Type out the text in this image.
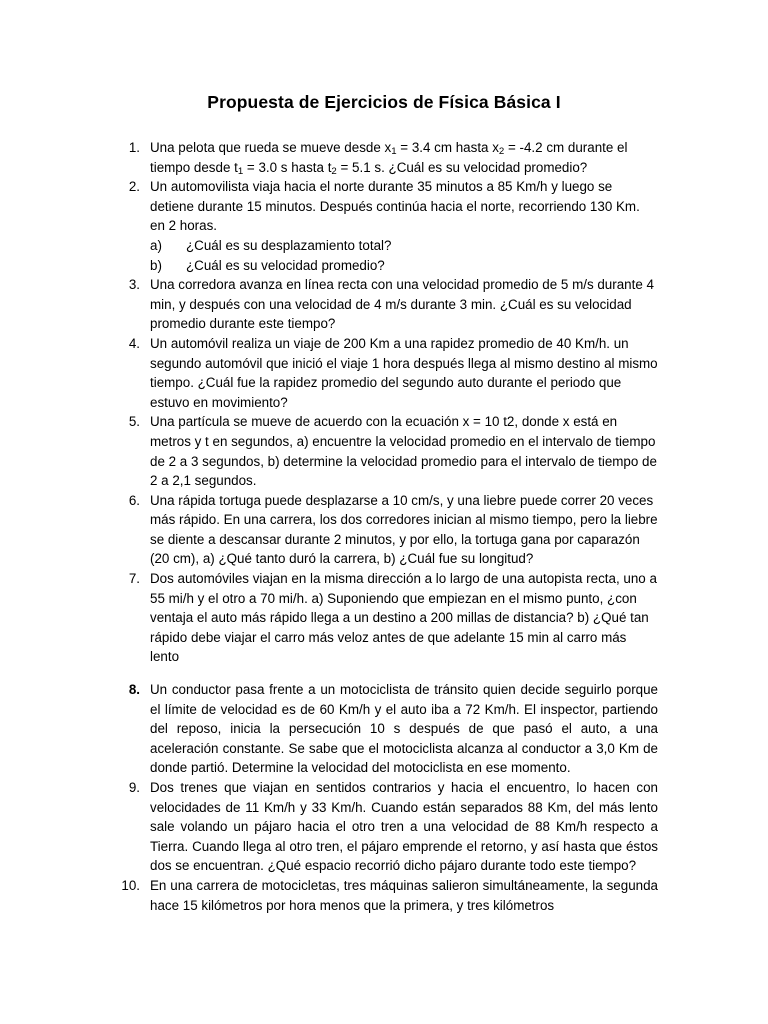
Propuesta de Ejercicios de Física Básica I
1. Una pelota que rueda se mueve desde $x_1 = 3.4$ cm hasta $x_2 = -4.2$ cm durante el tiempo desde $t_1 = 3.0$ s hasta $t_2 = 5.1$ s. ¿Cuál es su velocidad promedio?
2. Un automovilista viaja hacia el norte durante 35 minutos a 85 Km/h y luego se detiene durante 15 minutos. Después continúa hacia el norte, recorriendo 130 Km. en 2 horas.
a)	¿Cuál es su desplazamiento total?
b)	¿Cuál es su velocidad promedio?
3. Una corredora avanza en línea recta con una velocidad promedio de 5 m/s durante 4 min, y después con una velocidad de 4 m/s durante 3 min. ¿Cuál es su velocidad promedio durante este tiempo?
4. Un automóvil realiza un viaje de 200 Km a una rapidez promedio de 40 Km/h. un segundo automóvil que inició el viaje 1 hora después llega al mismo destino al mismo tiempo. ¿Cuál fue la rapidez promedio del segundo auto durante el periodo que estuvo en movimiento?
5. Una partícula se mueve de acuerdo con la ecuación x = 10 t2, donde x está en metros y t en segundos, a) encuentre la velocidad promedio en el intervalo de tiempo de 2 a 3 segundos, b) determine la velocidad promedio para el intervalo de tiempo de 2 a 2,1 segundos.
6. Una rápida tortuga puede desplazarse a 10 cm/s, y una liebre puede correr 20 veces más rápido. En una carrera, los dos corredores inician al mismo tiempo, pero la liebre se diente a descansar durante 2 minutos, y por ello, la tortuga gana por caparazón (20 cm), a) ¿Qué tanto duró la carrera, b) ¿Cuál fue su longitud?
7. Dos automóviles viajan en la misma dirección a lo largo de una autopista recta, uno a 55 mi/h y el otro a 70 mi/h. a) Suponiendo que empiezan en el mismo punto, ¿con ventaja el auto más rápido llega a un destino a 200 millas de distancia? b) ¿Qué tan rápido debe viajar el carro más veloz antes de que adelante 15 min al carro más lento
8. Un conductor pasa frente a un motociclista de tránsito quien decide seguirlo porque el límite de velocidad es de 60 Km/h y el auto iba a 72 Km/h. El inspector, partiendo del reposo, inicia la persecución 10 s después de que pasó el auto, a una aceleración constante. Se sabe que el motociclista alcanza al conductor a 3,0 Km de donde partió. Determine la velocidad del motociclista en ese momento.
9. Dos trenes que viajan en sentidos contrarios y hacia el encuentro, lo hacen con velocidades de 11 Km/h y 33 Km/h. Cuando están separados 88 Km, del más lento sale volando un pájaro hacia el otro tren a una velocidad de 88 Km/h respecto a Tierra. Cuando llega al otro tren, el pájaro emprende el retorno, y así hasta que éstos dos se encuentran. ¿Qué espacio recorrió dicho pájaro durante todo este tiempo?
10. En una carrera de motocicletas, tres máquinas salieron simultáneamente, la segunda hace 15 kilómetros por hora menos que la primera, y tres kilómetros
